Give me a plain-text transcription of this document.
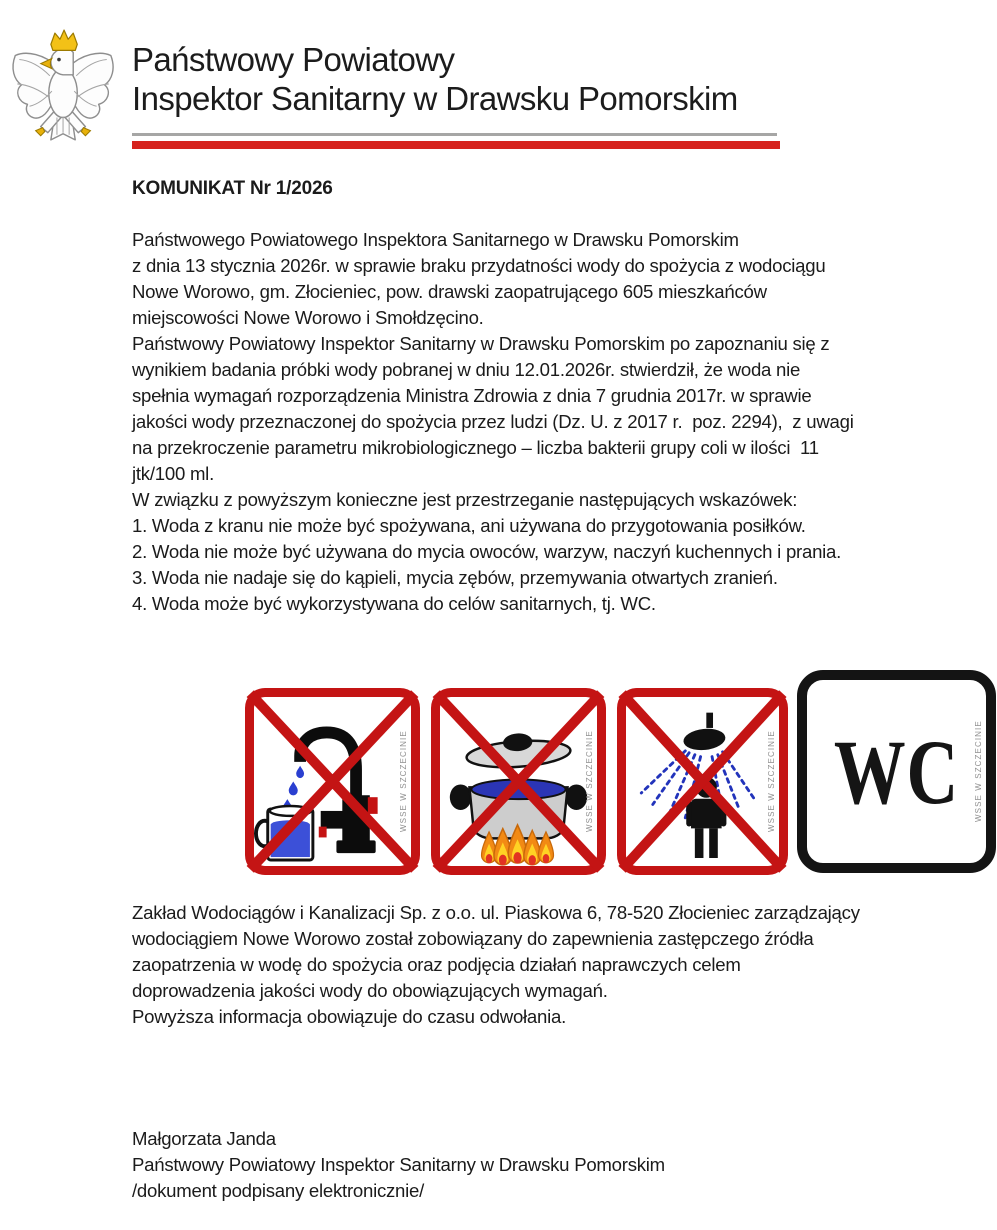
Państwowy Powiatowy
Inspektor Sanitarny w Drawsku Pomorskim
KOMUNIKAT Nr 1/2026
Państwowego Powiatowego Inspektora Sanitarnego w Drawsku Pomorskim
z dnia 13 stycznia 2026r. w sprawie braku przydatności wody do spożycia z wodociągu
Nowe Worowo, gm. Złocieniec, pow. drawski zaopatrującego 605 mieszkańców
miejscowości Nowe Worowo i Smołdzęcino.
Państwowy Powiatowy Inspektor Sanitarny w Drawsku Pomorskim po zapoznaniu się z
wynikiem badania próbki wody pobranej w dniu 12.01.2026r. stwierdził, że woda nie
spełnia wymagań rozporządzenia Ministra Zdrowia z dnia 7 grudnia 2017r. w sprawie
jakości wody przeznaczonej do spożycia przez ludzi (Dz. U. z 2017 r.  poz. 2294),  z uwagi
na przekroczenie parametru mikrobiologicznego – liczba bakterii grupy coli w ilości  11
jtk/100 ml.
W związku z powyższym konieczne jest przestrzeganie następujących wskazówek:
1. Woda z kranu nie może być spożywana, ani używana do przygotowania posiłków.
2. Woda nie może być używana do mycia owoców, warzyw, naczyń kuchennych i prania.
3. Woda nie nadaje się do kąpieli, mycia zębów, przemywania otwartych zranień.
4. Woda może być wykorzystywana do celów sanitarnych, tj. WC.
WSSE W SZCZECINIE	WSSE W SZCZECINIE	WSSE W SZCZECINIE WC	WSSE W SZCZECINIE
Zakład Wodociągów i Kanalizacji Sp. z o.o. ul. Piaskowa 6, 78-520 Złocieniec zarządzający
wodociągiem Nowe Worowo został zobowiązany do zapewnienia zastępczego źródła
zaopatrzenia w wodę do spożycia oraz podjęcia działań naprawczych celem
doprowadzenia jakości wody do obowiązujących wymagań.
Powyższa informacja obowiązuje do czasu odwołania.
Małgorzata Janda
Państwowy Powiatowy Inspektor Sanitarny w Drawsku Pomorskim
/dokument podpisany elektronicznie/
